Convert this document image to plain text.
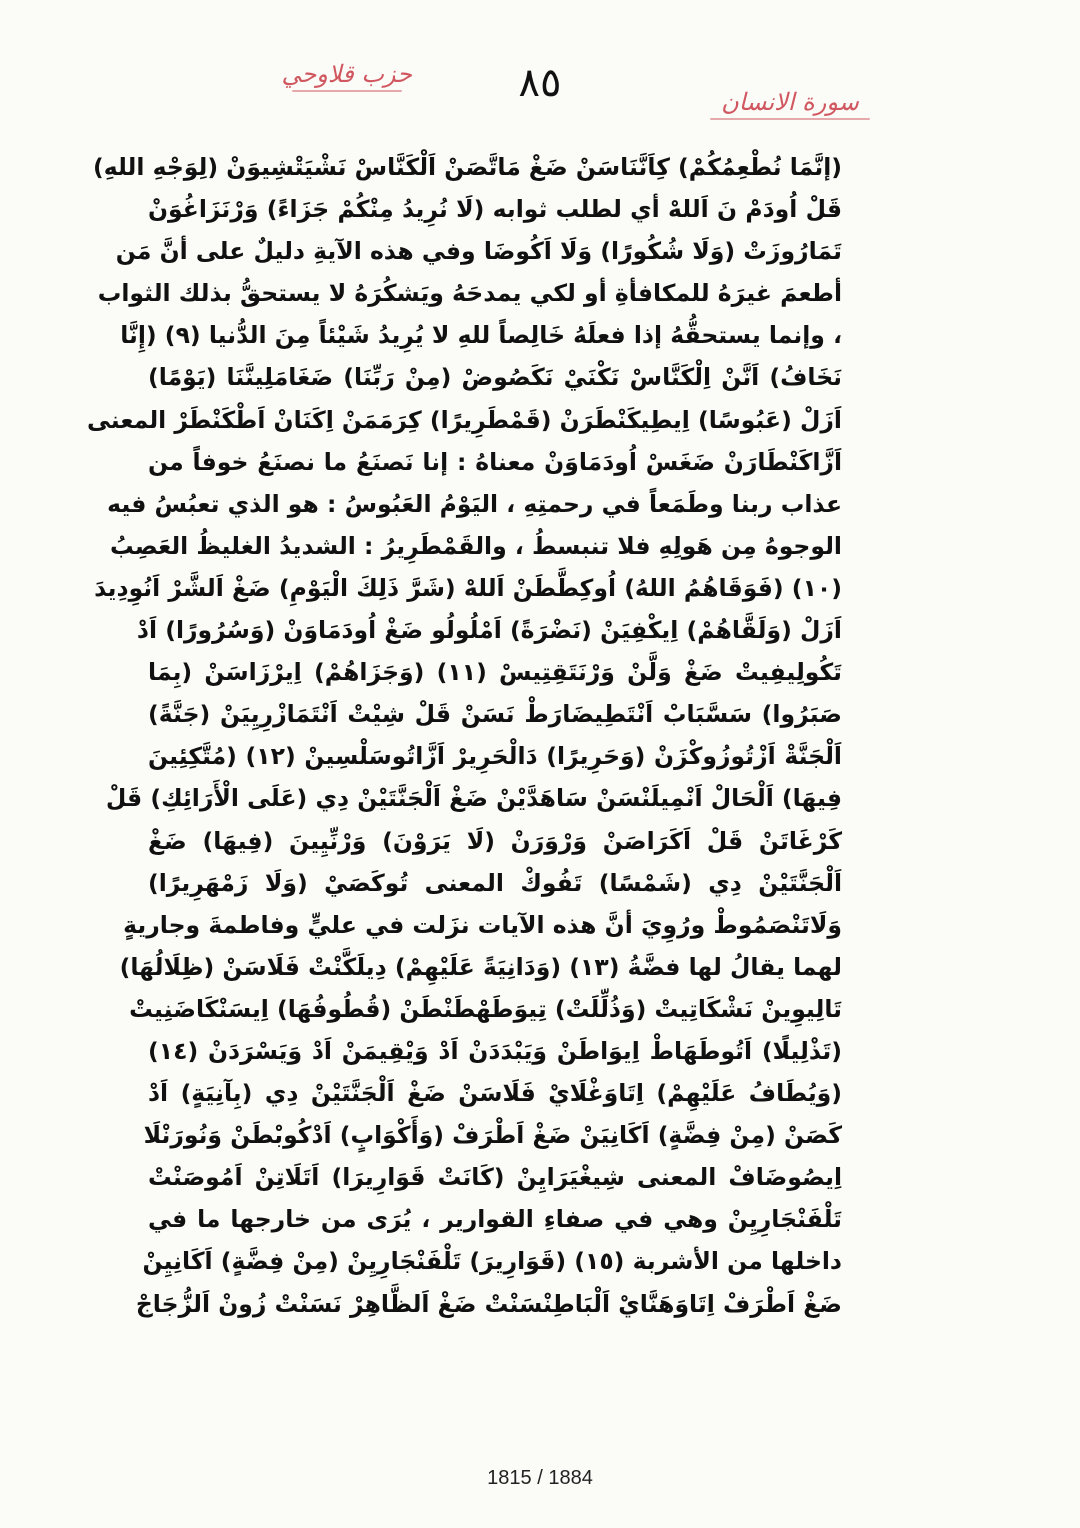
حزب قلاوحي	٨٥	سورة الانسان
(إنَّمَا نُطْعِمُكُمْ) كِاَنَّنَاسَنْ ضَغْ مَاتَّصَنْ اَلْكَنَّاسْ نَشْيَتْشِيوَنْ (لِوَجْهِ اللهِ)
قَلْ اُودَمْ نَ اَللهْ أي لطلب ثوابه (لَا نُرِيدُ مِنْكُمْ جَزَاءً) وَرْنَزَاغُوَنْ
تَمَارُوزَتْ (وَلَا شُكُورًا) وَلَا اَكُوضَا وفي هذه الآيةِ دليلٌ على أنَّ مَن
أطعمَ غيرَهُ للمكافأةِ أو لكي يمدحَهُ ويَشكُرَهُ لا يستحقُّ بذلك الثواب
، وإنما يستحقُّهُ إذا فعلَهُ خَالِصاً للهِ لا يُرِيدُ شَيْئاً مِنَ الدُّنيا (٩) (إِنَّا
نَخَافُ) اَنَّنْ اِلْكَنَّاسْ نَكْنَيْ نَكَصُوضْ (مِنْ رَبِّنَا) ضَغَامَلِينَّنَا (يَوْمًا)
اَزَلْ (عَبُوسًا) اِيطِيكَنْطَرَنْ (قَمْطَرِيرًا) كِرَمَمَنْ اِكَنَانْ اَطْكَنْطَرْ المعنى
اَزَّاكَنْطَارَنْ ضَغَسْ اُودَمَاوَنْ معناهُ : إنا نَصنَعُ ما نصنَعُ خوفاً من
عذاب ربنا وطَمَعاً في رحمتِهِ ، اليَوْمُ العَبُوسُ : هو الذي تعبُسُ فيه
الوجوهُ مِن هَولِهِ فلا تنبسطُ ، والقَمْطَرِيرُ : الشديدُ الغليظُ العَصِبُ
(١٠) (فَوَقَاهُمُ اللهُ) اُوكِطَّطَنْ اَللهْ (شَرَّ ذَلِكَ الْيَوْمِ) ضَغْ اَلشَّرْ اَنُوِدِيدَ
اَزَلْ (وَلَقَّاهُمْ) اِيكْفِيَنْ (نَضْرَةً) اَمْلُولُو ضَغْ اُودَمَاوَنْ (وَسُرُورًا) اَدْ
تَكُولِيفِيتْ ضَغْ وَلَّنْ وَرْنَتَقِتِيسْ (١١) (وَجَزَاهُمْ) اِيرْزَاسَنْ (بِمَا
صَبَرُوا) سَسَّبَابْ اَنْتَطِيضَارَطْ نَسَنْ قَلْ شِيْتْ اَنْتَمَازْرِيِيَنْ (جَنَّةً)
اَلْجَنَّةْ اَزْتُوزُوكْزَنْ (وَحَرِيرًا) دَالْحَرِيرْ اَزَّاتُوسَلْسِينْ (١٢) (مُتَّكِئِينَ
فِيهَا) اَلْحَالْ اَنْمِيلَنْسَنْ سَاهَدَّيْنْ ضَغْ اَلْجَنَّتَيْنْ دِي (عَلَى الْأَرَائِكِ) قَلْ
كَرْغَاتَنْ قَلْ اَكَرَاصَنْ وَرْوَرَنْ (لَا يَرَوْنَ) وَرْنِّيِينَ (فِيهَا) ضَغْ
اَلْجَنَّتَيْنْ دِي (شَمْسًا) تَفُوكْ المعنى تُوكَصَيْ (وَلَا زَمْهَرِيرًا)
وَلَاتَنْصَمُوطْ ورُوِيَ أنَّ هذه الآيات نزَلت في عليٍّ وفاطمةَ وجاريةٍ
لهما يقالُ لها فضَّةُ (١٣) (وَدَانِيَةً عَلَيْهِمْ) دِيلَكَّنْتْ فَلَاسَنْ (ظِلَالُهَا)
تَالِيوِينْ نَشْكَاتِيتْ (وَذُلِّلَتْ) تِيوَطَهْطَنْطَنْ (قُطُوفُهَا) اِيسَنْكَاضَنِيتْ
(تَذْلِيلًا) اَتُوطَهَاطْ اِيوَاطَنْ وَيَبْدَدَنْ اَدْ وَيْقِيمَنْ اَدْ وَيَسْرَدَنْ (١٤)
(وَيُطَافُ عَلَيْهِمْ) اِتَاوَغْلَايْ فَلَاسَنْ ضَغْ اَلْجَنَّتَيْنْ دِي (بِآنِيَةٍ) اَدْ
كَصَنْ (مِنْ فِضَّةٍ) اَكَانِيَنْ ضَغْ اَطْرَفْ (وَأَكْوَابٍ) اَدْكُوبْطَنْ وَنُورَنْلَا
اِيصُوضَافْ المعنى شِيغْيَرَايِنْ (كَانَتْ قَوَارِيرَا) اَتَلَاتِنْ اَمُوصَنْتْ
تَلْفَنْجَارِيِنْ وهي في صفاءِ القوارير ، يُرَى من خارجها ما في
داخلها من الأشربة (١٥) (قَوَارِيرَ) تَلْفَنْجَارِيِنْ (مِنْ فِضَّةٍ) اَكَانِيِنْ
ضَغْ اَطْرَفْ اِتَاوَهَنَّايْ اَلْبَاطِنْسَنْتْ ضَغْ اَلظَّاهِرْ نَسَنْتْ زُونْ اَلزُّجَاجْ
1815 / 1884
